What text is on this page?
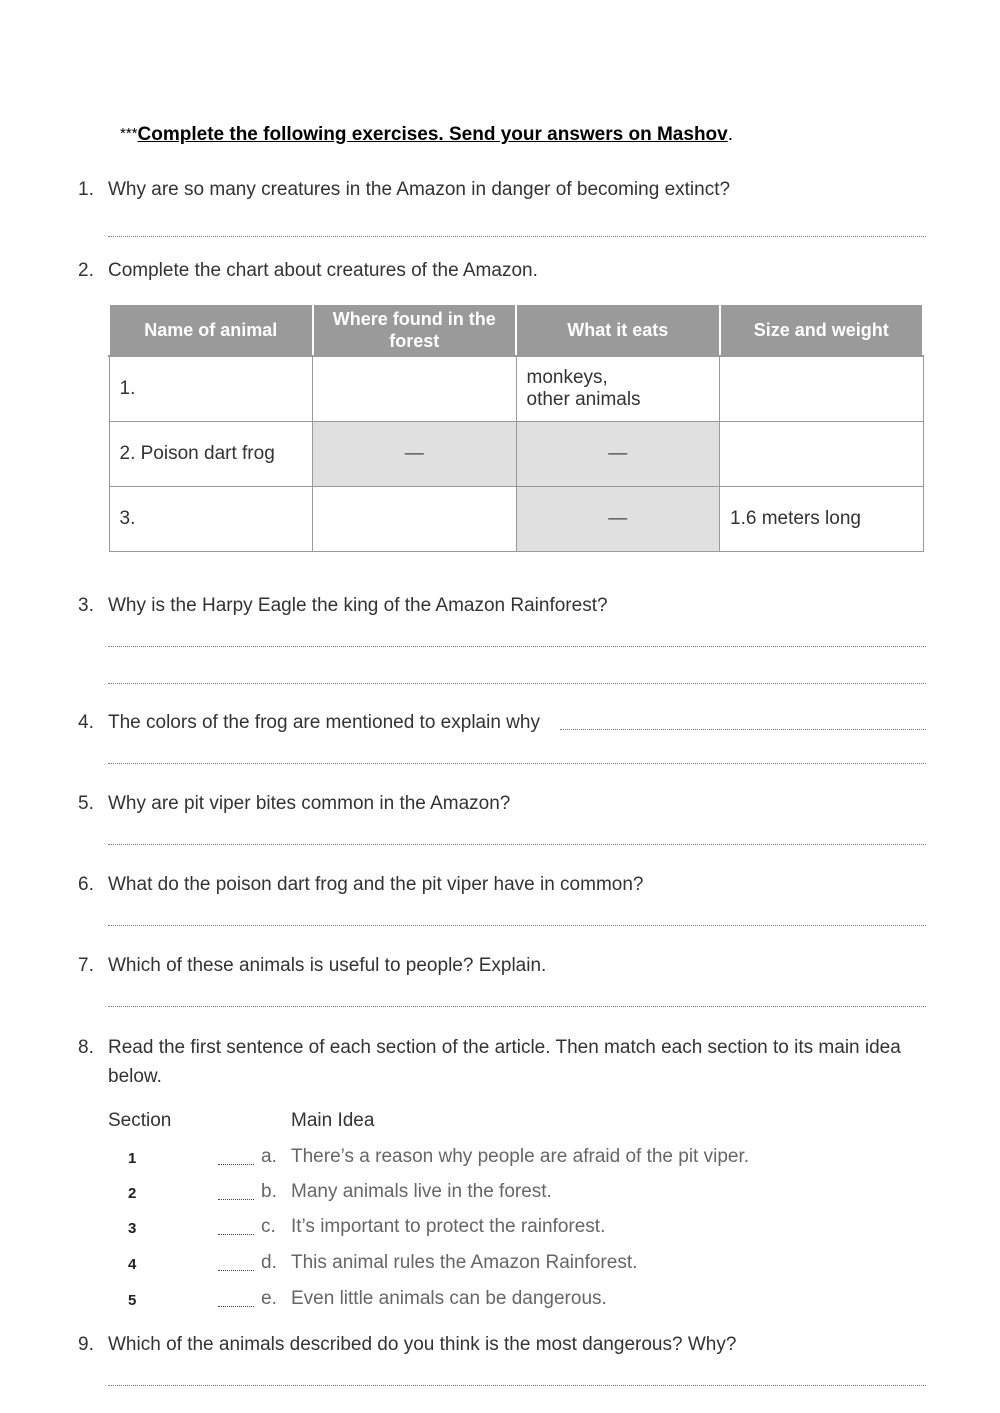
***Complete the following exercises. Send your answers on Mashov.
1. Why are so many creatures in the Amazon in danger of becoming extinct?
2. Complete the chart about creatures of the Amazon.
Name of animal	Where found in the forest	What it eats	Size and weight
1.		monkeys,
other animals	
2. Poison dart frog	—	—	
3.		—	1.6 meters long
3. Why is the Harpy Eagle the king of the Amazon Rainforest?
4. The colors of the frog are mentioned to explain why
5. Why are pit viper bites common in the Amazon?
6. What do the poison dart frog and the pit viper have in common?
7. Which of these animals is useful to people? Explain.
8. Read the first sentence of each section of the article. Then match each section to its main idea
below.
Section	Main Idea
1	a. There’s a reason why people are afraid of the pit viper.
2	b. Many animals live in the forest.
3	c. It’s important to protect the rainforest.
4	d. This animal rules the Amazon Rainforest.
5	e. Even little animals can be dangerous.
9. Which of the animals described do you think is the most dangerous? Why?
